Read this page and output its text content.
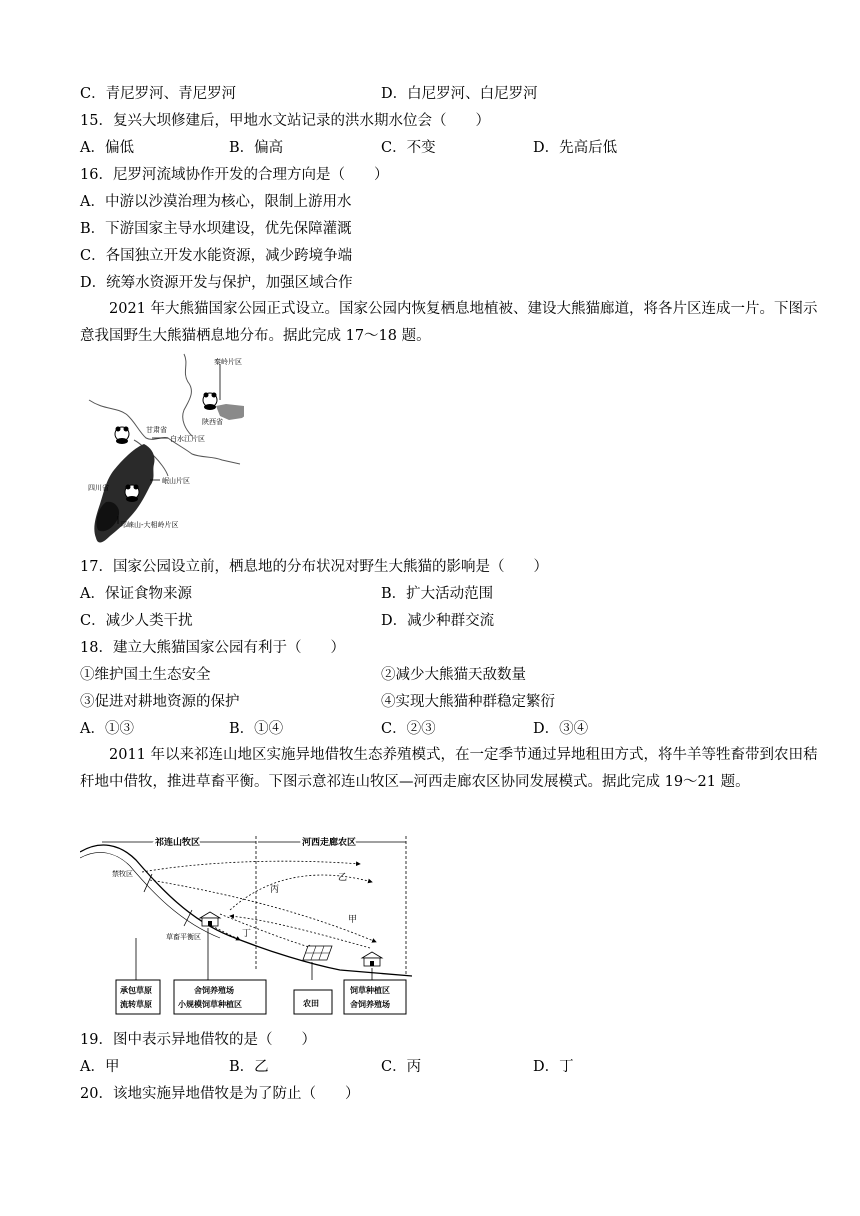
C．青尼罗河、青尼罗河	D．白尼罗河、白尼罗河
15．复兴大坝修建后，甲地水文站记录的洪水期水位会（　　）
A．偏低	B．偏高	C．不变	D．先高后低
16．尼罗河流域协作开发的合理方向是（　　）
A．中游以沙漠治理为核心，限制上游用水
B．下游国家主导水坝建设，优先保障灌溉
C．各国独立开发水能资源，减少跨境争端
D．统筹水资源开发与保护，加强区域合作
2021 年大熊猫国家公园正式设立。国家公园内恢复栖息地植被、建设大熊猫廊道，将各片区连成一片。下图示意我国野生大熊猫栖息地分布。据此完成 17～18 题。
秦岭片区
陕西省
甘肃省
白水江片区
岷山片区
四川省
邛崃山-大相岭片区
17．国家公园设立前，栖息地的分布状况对野生大熊猫的影响是（　　）
A．保证食物来源	B．扩大活动范围
C．减少人类干扰	D．减少种群交流
18．建立大熊猫国家公园有利于（　　）
①维护国土生态安全	②减少大熊猫天敌数量
③促进对耕地资源的保护	④实现大熊猫种群稳定繁衍
A．①③	B．①④	C．②③	D．③④
2011 年以来祁连山地区实施异地借牧生态养殖模式，在一定季节通过异地租田方式，将牛羊等牲畜带到农田秸秆地中借牧，推进草畜平衡。下图示意祁连山牧区—河西走廊农区协同发展模式。据此完成 19～21 题。
祁连山牧区	河西走廊农区
禁牧区
草畜平衡区
乙
丙
甲
丁
承包草原
流转草原
舍饲养殖场
小规模饲草种植区	农田
饲草种植区
舍饲养殖场
19．图中表示异地借牧的是（　　）
A．甲	B．乙	C．丙	D．丁
20．该地实施异地借牧是为了防止（　　）
